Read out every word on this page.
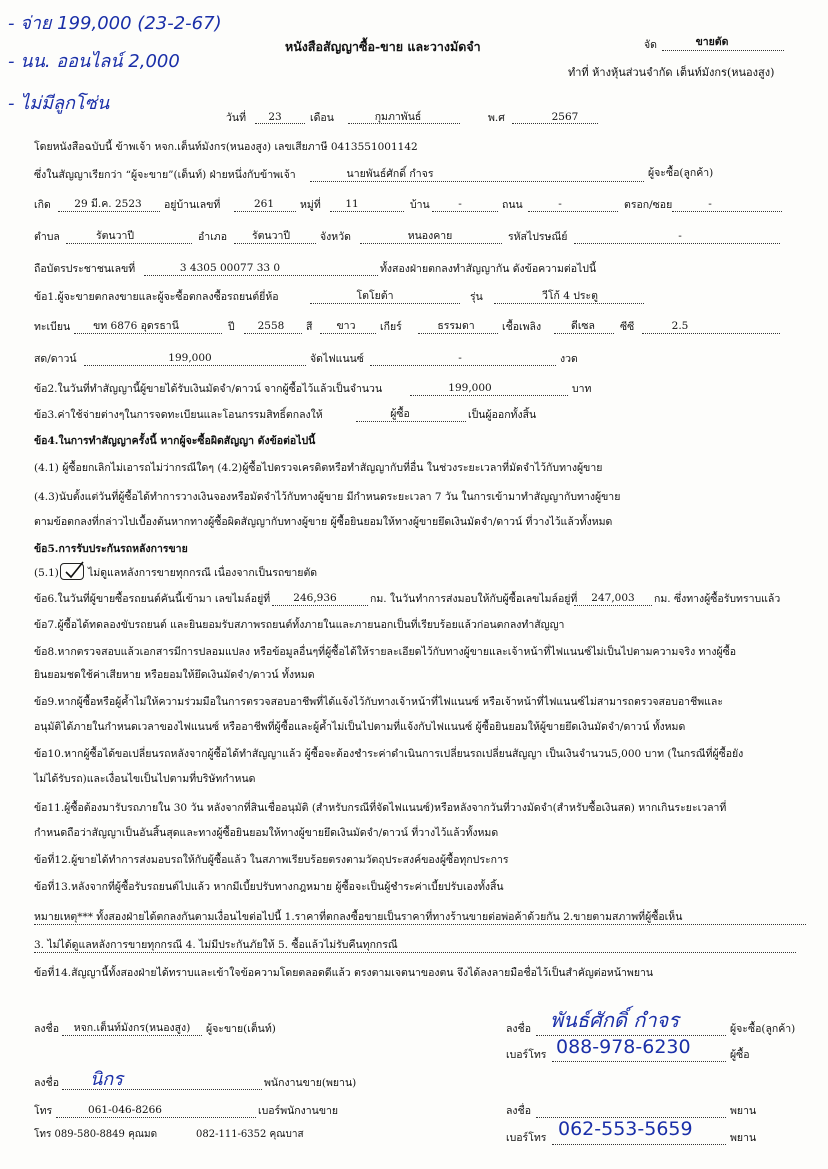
- จ่าย 199,000 (23-2-67)
- นน. ออนไลน์ 2,000
- ไม่มีลูกโซ่น
หนังสือสัญญาซื้อ-ขาย และวางมัดจำ	จัด	ขายตัด
ทำที่ ห้างหุ้นส่วนจำกัด เต็นท์มังกร(หนองสูง)
วันที่	23	เดือน	กุมภาพันธ์	พ.ศ	2567
โดยหนังสือฉบับนี้ ข้าพเจ้า หจก.เต็นท์มังกร(หนองสูง) เลขเสียภาษี 0413551001142
ซึ่งในสัญญาเรียกว่า “ผู้จะขาย”(เต็นท์) ฝ่ายหนึ่งกับข้าพเจ้า	นายพันธ์ศักดิ์ กำจร	ผู้จะซื้อ(ลูกค้า)
เกิด	29 มี.ค. 2523	อยู่บ้านเลขที่	261	หมู่ที่	11	บ้าน	-	ถนน	-	ตรอก/ซอย	-
ตำบล	รัตนวาปี	อำเภอ	รัตนวาปี	จังหวัด	หนองคาย	รหัสไปรษณีย์	-
ถือบัตรประชาชนเลขที่	3 4305 00077 33 0	ทั้งสองฝ่ายตกลงทำสัญญากัน ดังข้อความต่อไปนี้
ข้อ1.ผู้จะขายตกลงขายและผู้จะซื้อตกลงซื้อรถยนต์ยี่ห้อ	โตโยต้า	รุ่น	วีโก้ 4 ประตู
ทะเบียน	ขท 6876 อุดรธานี	ปี	2558	สี	ขาว	เกียร์	ธรรมดา	เชื้อเพลิง	ดีเซล	ซีซี	2.5
สด/ดาวน์	199,000	จัดไฟแนนซ์	-	งวด
ข้อ2.ในวันที่ทำสัญญานี้ผู้ขายได้รับเงินมัดจำ/ดาวน์ จากผู้ซื้อไว้แล้วเป็นจำนวน	199,000	บาท
ข้อ3.ค่าใช้จ่ายต่างๆในการจดทะเบียนและโอนกรรมสิทธิ์ตกลงให้	ผู้ซื้อ	เป็นผู้ออกทั้งสิ้น
ข้อ4.ในการทำสัญญาครั้งนี้ หากผู้จะซื้อผิดสัญญา ดังข้อต่อไปนี้
(4.1) ผู้ซื้อยกเลิกไม่เอารถไม่ว่ากรณีใดๆ (4.2)ผู้ซื้อไปตรวจเครดิตหรือทำสัญญากับที่อื่น ในช่วงระยะเวลาที่มัดจำไว้กับทางผู้ขาย
(4.3)นับตั้งแต่วันที่ผู้ซื้อได้ทำการวางเงินจองหรือมัดจำไว้กับทางผู้ขาย มีกำหนดระยะเวลา 7 วัน ในการเข้ามาทำสัญญากับทางผู้ขาย
ตามข้อตกลงที่กล่าวไปเบื้องต้นหากทางผู้ซื้อผิดสัญญากับทางผู้ขาย ผู้ซื้อยินยอมให้ทางผู้ขายยึดเงินมัดจำ/ดาวน์ ที่วางไว้แล้วทั้งหมด
ข้อ5.การรับประกันรถหลังการขาย
(5.1)	ไม่ดูแลหลังการขายทุกกรณี เนื่องจากเป็นรถขายตัด
ข้อ6.ในวันที่ผู้ขายซื้อรถยนต์คันนี้เข้ามา เลขไมล์อยู่ที่	246,936	กม. ในวันทำการส่งมอบให้กับผู้ซื้อเลขไมล์อยู่ที่	247,003	กม. ซึ่งทางผู้ซื้อรับทราบแล้ว
ข้อ7.ผู้ซื้อได้ทดลองขับรถยนต์ และยินยอมรับสภาพรถยนต์ทั้งภายในและภายนอกเป็นที่เรียบร้อยแล้วก่อนตกลงทำสัญญา
ข้อ8.หากตรวจสอบแล้วเอกสารมีการปลอมแปลง หรือข้อมูลอื่นๆที่ผู้ซื้อได้ให้รายละเอียดไว้กับทางผู้ขายและเจ้าหน้าที่ไฟแนนซ์ไม่เป็นไปตามความจริง ทางผู้ซื้อ
ยินยอมชดใช้ค่าเสียหาย หรือยอมให้ยึดเงินมัดจำ/ดาวน์ ทั้งหมด
ข้อ9.หากผู้ซื้อหรือผู้ค้ำไม่ให้ความร่วมมือในการตรวจสอบอาชีพที่ได้แจ้งไว้กับทางเจ้าหน้าที่ไฟแนนซ์ หรือเจ้าหน้าที่ไฟแนนซ์ไม่สามารถตรวจสอบอาชีพและ
อนุมัติได้ภายในกำหนดเวลาของไฟแนนซ์ หรืออาชีพที่ผู้ซื้อและผู้ค้ำไม่เป็นไปตามที่แจ้งกับไฟแนนซ์ ผู้ซื้อยินยอมให้ผู้ขายยึดเงินมัดจำ/ดาวน์ ทั้งหมด
ข้อ10.หากผู้ซื้อได้ขอเปลี่ยนรถหลังจากผู้ซื้อได้ทำสัญญาแล้ว ผู้ซื้อจะต้องชำระค่าดำเนินการเปลี่ยนรถเปลี่ยนสัญญา เป็นเงินจำนวน5,000 บาท (ในกรณีที่ผู้ซื้อยัง
ไม่ได้รับรถ)และเงื่อนไขเป็นไปตามที่บริษัทกำหนด
ข้อ11.ผู้ซื้อต้องมารับรถภายใน 30 วัน หลังจากที่สินเชื่ออนุมัติ (สำหรับกรณีที่จัดไฟแนนซ์)หรือหลังจากวันที่วางมัดจำ(สำหรับซื้อเงินสด) หากเกินระยะเวลาที่
กำหนดถือว่าสัญญาเป็นอันสิ้นสุดและทางผู้ซื้อยินยอมให้ทางผู้ขายยึดเงินมัดจำ/ดาวน์ ที่วางไว้แล้วทั้งหมด
ข้อที่12.ผู้ขายได้ทำการส่งมอบรถให้กับผู้ซื้อแล้ว ในสภาพเรียบร้อยตรงตามวัตถุประสงค์ของผู้ซื้อทุกประการ
ข้อที่13.หลังจากที่ผู้ซื้อรับรถยนต์ไปแล้ว หากมีเบี้ยปรับทางกฎหมาย ผู้ซื้อจะเป็นผู้ชำระค่าเบี้ยปรับเองทั้งสิ้น
หมายเหตุ*** ทั้งสองฝ่ายได้ตกลงกันตามเงื่อนไขต่อไปนี้ 1.ราคาที่ตกลงซื้อขายเป็นราคาที่ทางร้านขายต่อพ่อค้าด้วยกัน 2.ขายตามสภาพที่ผู้ซื้อเห็น
3. ไม่ได้ดูแลหลังการขายทุกกรณี 4. ไม่มีประกันภัยให้ 5. ซื้อแล้วไม่รับคืนทุกกรณี
ข้อที่14.สัญญานี้ทั้งสองฝ่ายได้ทราบและเข้าใจข้อความโดยตลอดดีแล้ว ตรงตามเจตนาของตน จึงได้ลงลายมือชื่อไว้เป็นสำคัญต่อหน้าพยาน
ลงชื่อ	หจก.เต็นท์มังกร(หนองสูง)	ผู้จะขาย(เต็นท์)
ลงชื่อ นิกร	พนักงานขาย(พยาน)
โทร	061-046-8266	เบอร์พนักงานขาย
โทร 089-580-8849 คุณมด	082-111-6352 คุณบาส
ลงชื่อ พันธ์ศักดิ์ กำจร	ผู้จะซื้อ(ลูกค้า)
เบอร์โทร 088-978-6230	ผู้ซื้อ
ลงชื่อ	พยาน
เบอร์โทร 062-553-5659	พยาน
